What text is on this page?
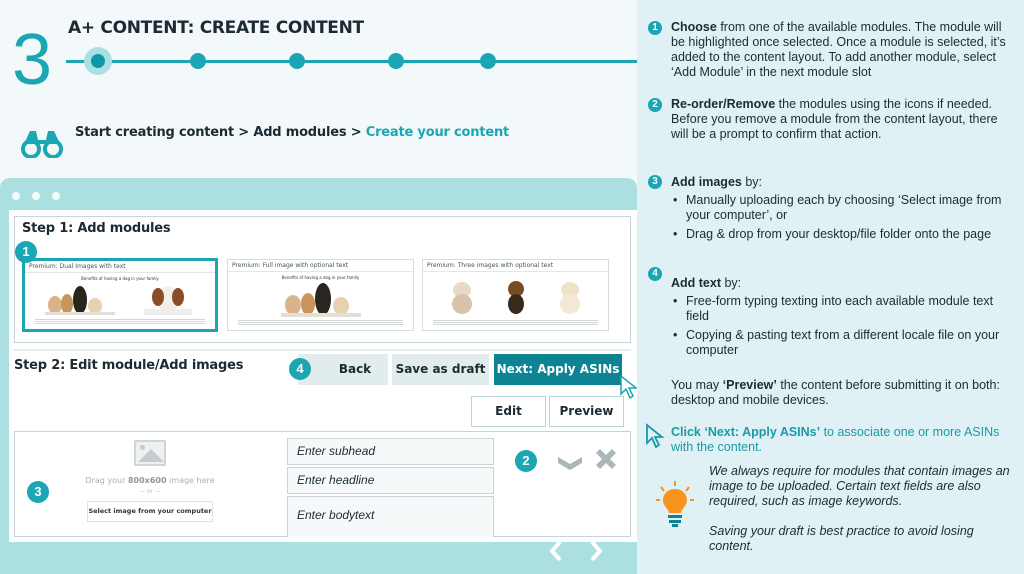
3 A+ CONTENT: CREATE CONTENT
Start creating content > Add modules > Create your content
Step 1: Add modules
Premium: Dual Images with text
Benefits of having a dog in your family
Premium: Full image with optional text
Benefits of having a dog in your family
Premium: Three images with optional text
1
Step 2: Edit module/Add images	Back
4	Save as draft Next: Apply ASINs
Edit	Preview
3
Drag your 800x600 image here
— or —
Select image from your computer
Enter subhead
Enter headline
Enter bodytext
2
1	Choose from one of the available modules. The module will be highlighted once selected. Once a module is selected, it’s added to the content layout. To add another module, select ‘Add Module’ in the next module slot
2	Re-order/Remove the modules using the icons if needed. Before you remove a module from the content layout, there will be a prompt to confirm that action.
3	Add images by:
• Manually uploading each by choosing ‘Select image from your computer’, or
• Drag & drop from your desktop/file folder onto the page
4
Add text by:
• Free-form typing texting into each available module text field
• Copying & pasting text from a different locale file on your computer
You may ‘Preview’ the content before submitting it on both: desktop and mobile devices.
Click ‘Next: Apply ASINs’ to associate one or more ASINs with the content.
We always require for modules that contain images an image to be uploaded. Certain text fields are also required, such as image keywords.
Saving your draft is best practice to avoid losing content.
